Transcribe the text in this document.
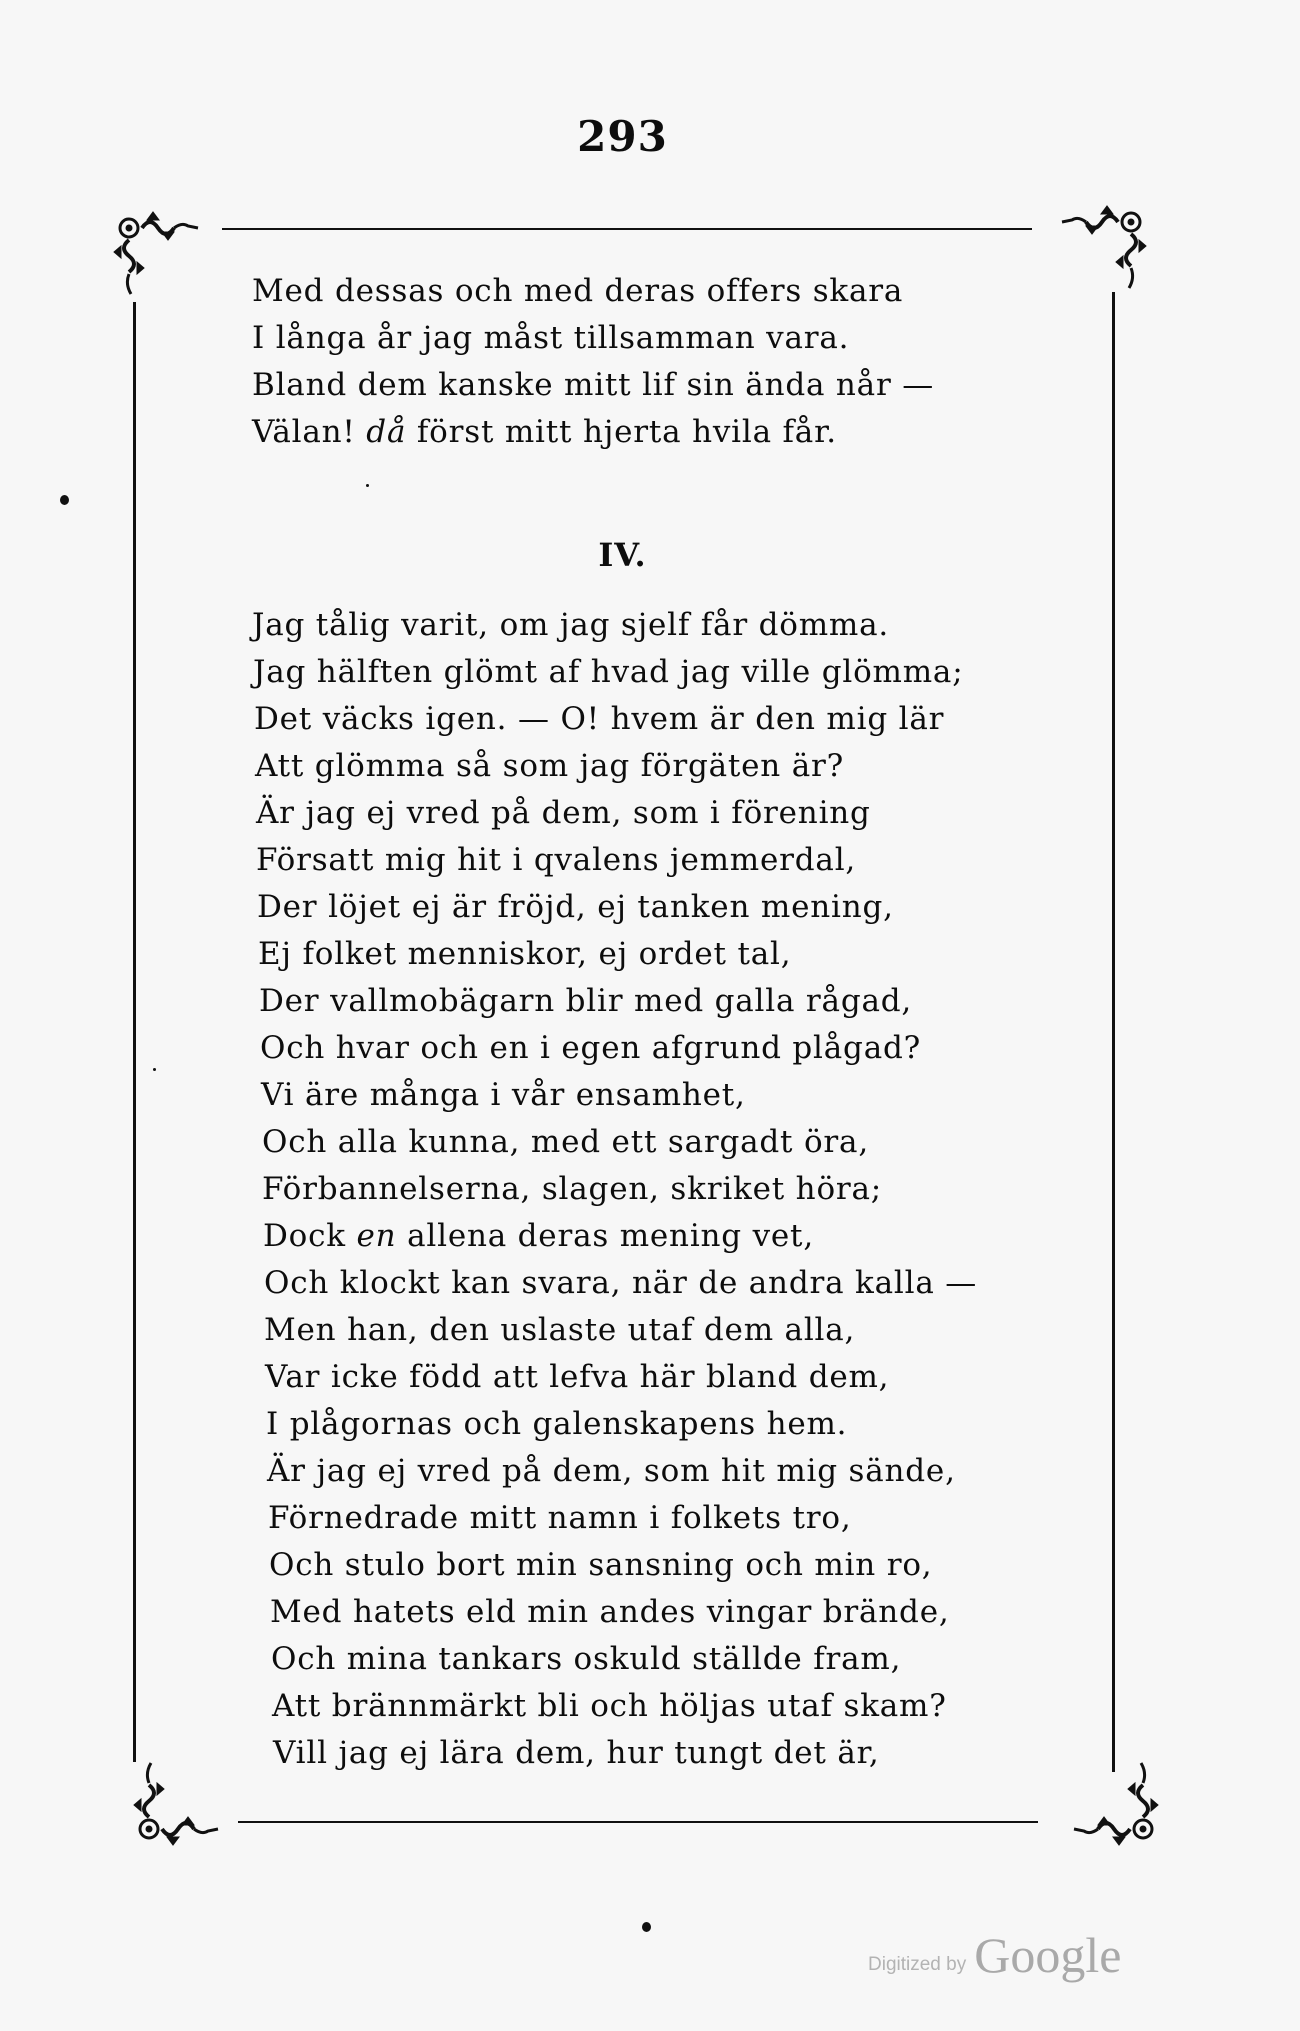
293
Med dessas och med deras offers skara
I långa år jag måst tillsamman vara.
Bland dem kanske mitt lif sin ända når —
Välan! då först mitt hjerta hvila får.
IV.
Jag tålig varit, om jag sjelf får dömma.
Jag hälften glömt af hvad jag ville glömma;
Det väcks igen. — O! hvem är den mig lär
Att glömma så som jag förgäten är?
Är jag ej vred på dem, som i förening
Försatt mig hit i qvalens jemmerdal,
Der löjet ej är fröjd, ej tanken mening,
Ej folket menniskor, ej ordet tal,
Der vallmobägarn blir med galla rågad,
Och hvar och en i egen afgrund plågad?
Vi äre många i vår ensamhet,
Och alla kunna, med ett sargadt öra,
Förbannelserna, slagen, skriket höra;
Dock en allena deras mening vet,
Och klockt kan svara, när de andra kalla —
Men han, den uslaste utaf dem alla,
Var icke född att lefva här bland dem,
I plågornas och galenskapens hem.
Är jag ej vred på dem, som hit mig sände,
Förnedrade mitt namn i folkets tro,
Och stulo bort min sansning och min ro,
Med hatets eld min andes vingar brände,
Och mina tankars oskuld ställde fram,
Att brännmärkt bli och höljas utaf skam?
Vill jag ej lära dem, hur tungt det är,
Digitized by Google
